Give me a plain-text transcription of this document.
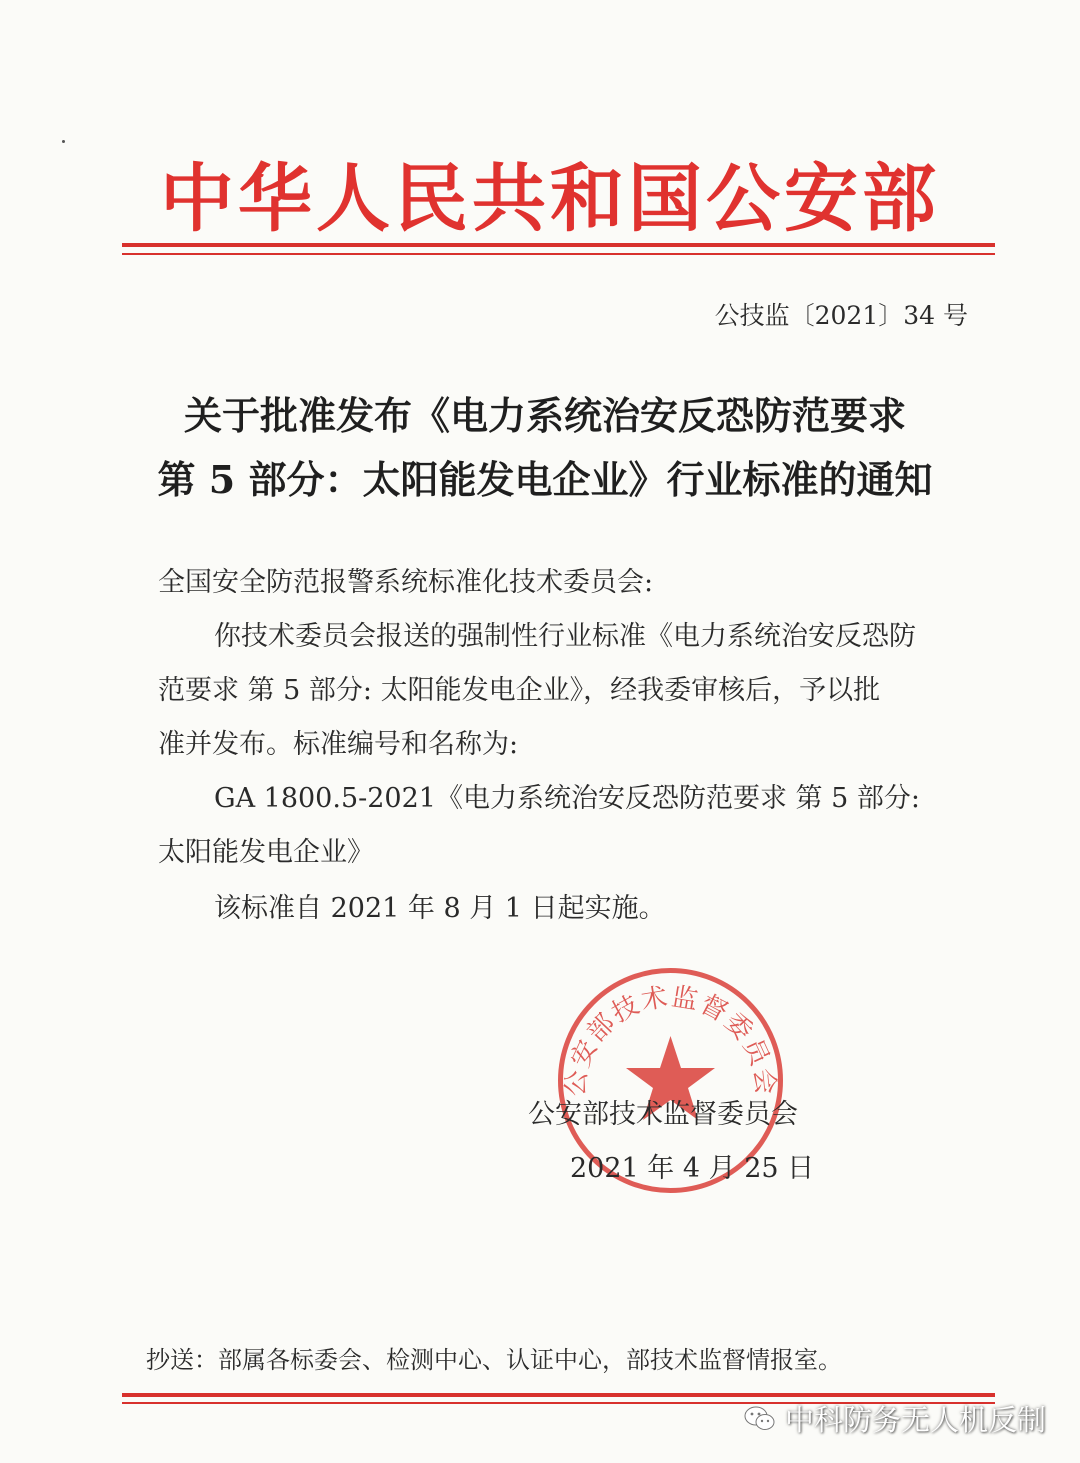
中华人民共和国公安部
公技监〔2021〕34 号
关于批准发布《电力系统治安反恐防范要求
第 5 部分：太阳能发电企业》行业标准的通知
全国安全防范报警系统标准化技术委员会:
你技术委员会报送的强制性行业标准《电力系统治安反恐防
范要求 第 5 部分: 太阳能发电企业》，经我委审核后，予以批
准并发布。标准编号和名称为:
GA 1800.5-2021《电力系统治安反恐防范要求 第 5 部分:
太阳能发电企业》
该标准自 2021 年 8 月 1 日起实施。
公安部技术监督委员会
公安部技术监督委员会
2021 年 4 月 25 日
抄送：部属各标委会、检测中心、认证中心，部技术监督情报室。
中科防务无人机反制
